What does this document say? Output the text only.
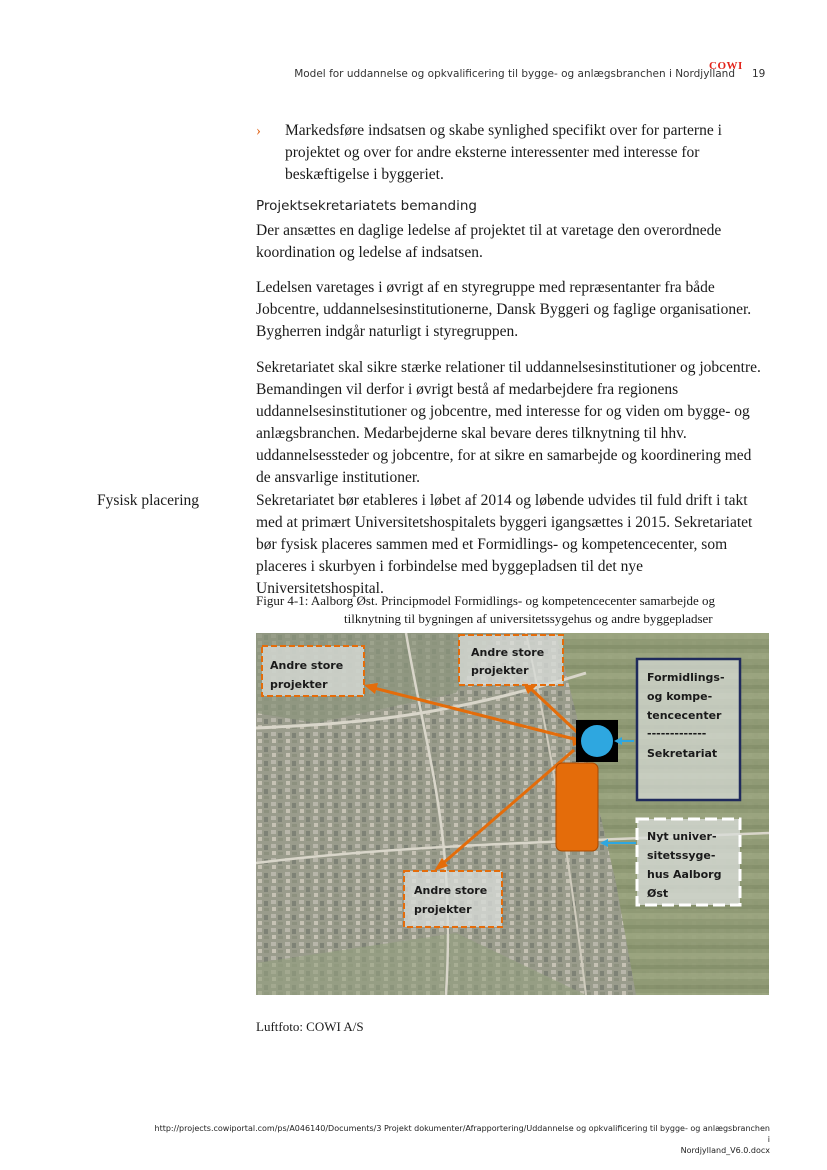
COWI
Model for uddannelse og opkvalificering til bygge- og anlægsbranchen i Nordjylland 19
› Markedsføre indsatsen og skabe synlighed specifikt over for parterne i projektet og over for andre eksterne interessenter med interesse for beskæftigelse i byggeriet.
Projektsekretariatets bemanding
Der ansættes en daglige ledelse af projektet til at varetage den overordnede koordination og ledelse af indsatsen.
Ledelsen varetages i øvrigt af en styregruppe med repræsentanter fra både Jobcentre, uddannelsesinstitutionerne, Dansk Byggeri og faglige organisationer. Bygherren indgår naturligt i styregruppen.
Sekretariatet skal sikre stærke relationer til uddannelsesinstitutioner og jobcentre. Bemandingen vil derfor i øvrigt bestå af medarbejdere fra regionens uddannelsesinstitutioner og jobcentre, med interesse for og viden om bygge- og anlægsbranchen. Medarbejderne skal bevare deres tilknytning til hhv. uddannelsessteder og jobcentre, for at sikre en samarbejde og koordinering med de ansvarlige institutioner.
Fysisk placering	Sekretariatet bør etableres i løbet af 2014 og løbende udvides til fuld drift i takt med at primært Universitetshospitalets byggeri igangsættes i 2015. Sekretariatet bør fysisk placeres sammen med et Formidlings- og kompetencecenter, som placeres i skurbyen i forbindelse med byggepladsen til det nye Universitetshospital.
Figur 4-1: Aalborg Øst. Principmodel Formidlings- og kompetencecenter samarbejde og
tilknytning til bygningen af universitetssygehus og andre byggepladser
Andre store
projekter
Andre store
projekter
Andre store
projekter
Formidlings-
og kompe-
tencecenter
-------------
Sekretariat
Nyt univer-
sitetssyge-
hus Aalborg
Øst
Luftfoto: COWI A/S
http://projects.cowiportal.com/ps/A046140/Documents/3 Projekt dokumenter/Afrapportering/Uddannelse og opkvalificering til bygge- og anlægsbranchen i
Nordjylland_V6.0.docx
